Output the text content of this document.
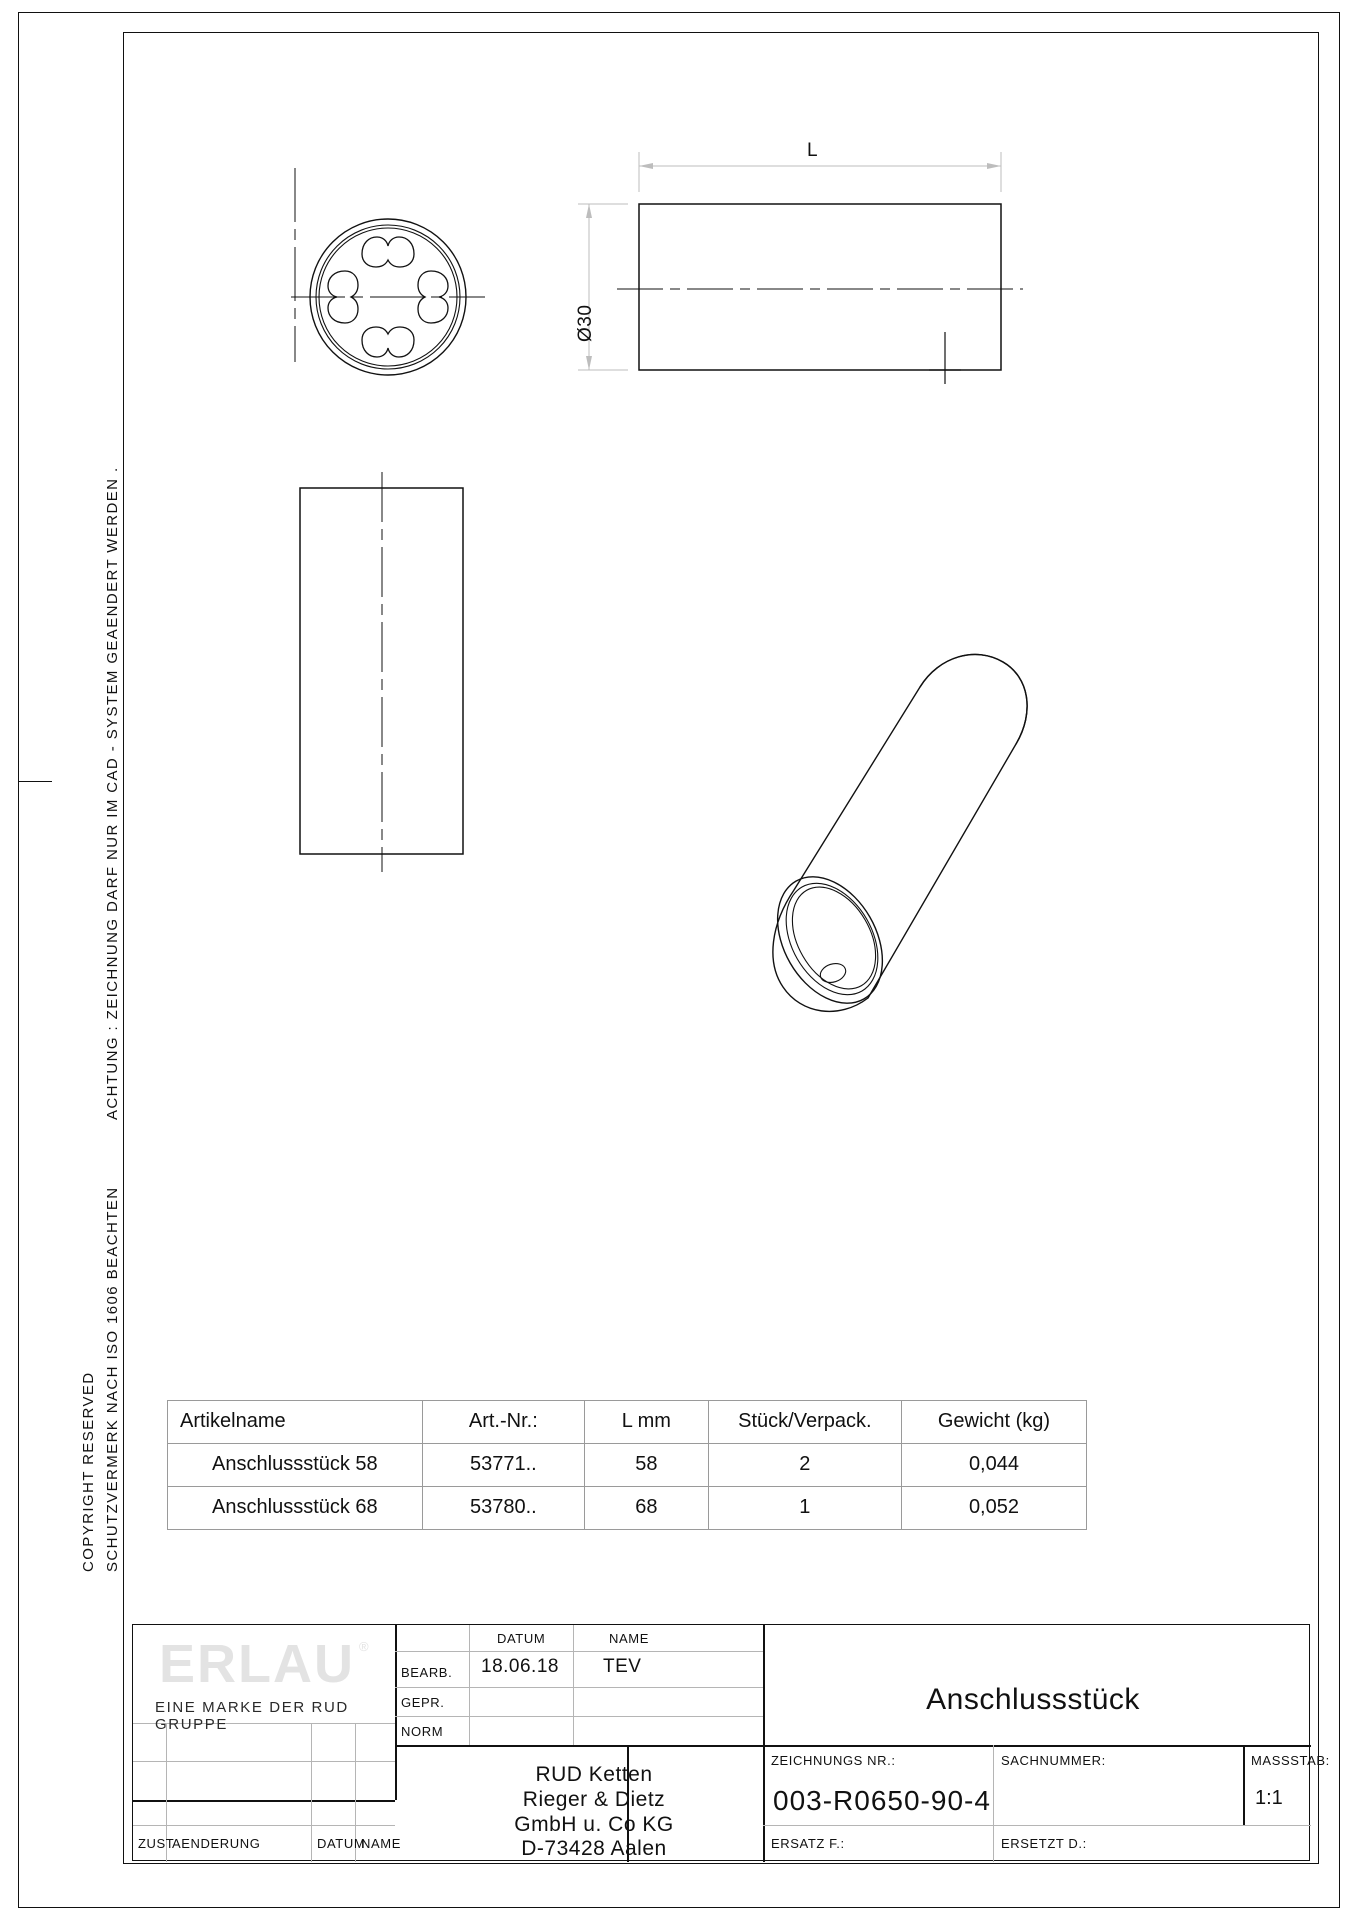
ACHTUNG : ZEICHNUNG DARF NUR IM CAD - SYSTEM GEAENDERT WERDEN .
SCHUTZVERMERK NACH ISO 1606 BEACHTEN
COPYRIGHT RESERVED
L
Ø30
Artikelname	Art.-Nr.:	L mm	Stück/Verpack.	Gewicht (kg)
Anschlussstück 58	53771..	58	2	0,044
Anschlussstück 68	53780..	68	1	0,052
ERLAU ®
EINE MARKE DER RUD GRUPPE
ZUST
AENDERUNG	DATUM
NAME
DATUM	NAME
BEARB. 18.06.18 TEV
GEPR.
NORM
RUD Ketten
Rieger & Dietz
GmbH u. Co KG
D-73428 Aalen
Anschlussstück
ZEICHNUNGS NR.:
003-R0650-90-4
SACHNUMMER:	MASSSTAB:
1:1
ERSATZ F.:	ERSETZT D.:
